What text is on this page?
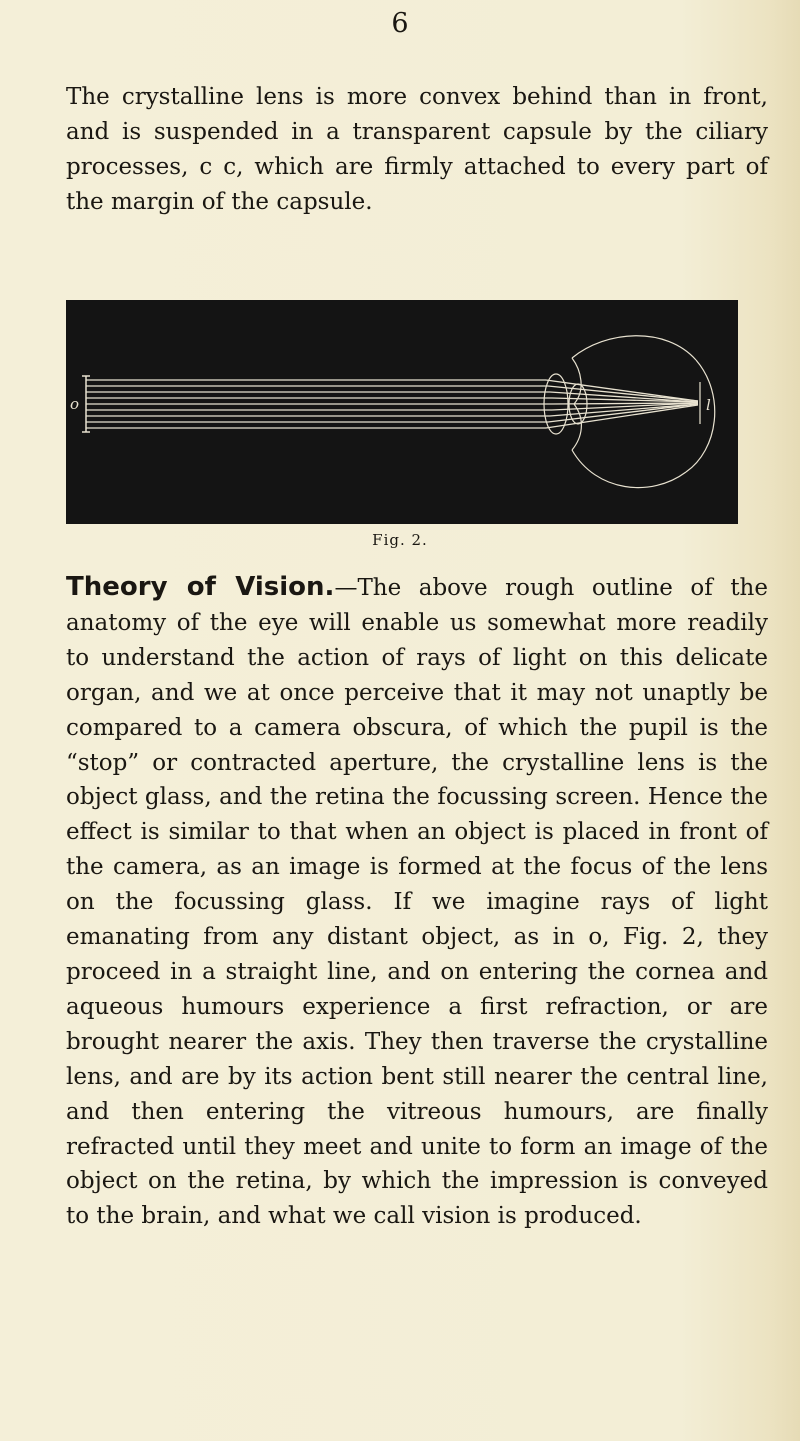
6

The crystalline lens is more convex behind than in front, and is suspended in a transparent capsule by the ciliary processes, c c, which are firmly attached to every part of the margin of the capsule.

o	l
Fig. 2.

Theory of Vision.—The above rough outline of the anatomy of the eye will enable us somewhat more readily to understand the action of rays of light on this delicate organ, and we at once perceive that it may not unaptly be compared to a camera obscura, of which the pupil is the “stop” or contracted aperture, the crystalline lens is the object glass, and the retina the focussing screen. Hence the effect is similar to that when an object is placed in front of the camera, as an image is formed at the focus of the lens on the focussing glass. If we imagine rays of light emanating from any distant object, as in o, Fig. 2, they proceed in a straight line, and on entering the cornea and aqueous humours experience a first refraction, or are brought nearer the axis. They then traverse the crystalline lens, and are by its action bent still nearer the central line, and then entering the vitreous humours, are finally refracted until they meet and unite to form an image of the object on the retina, by which the impression is conveyed to the brain, and what we call vision is produced.
